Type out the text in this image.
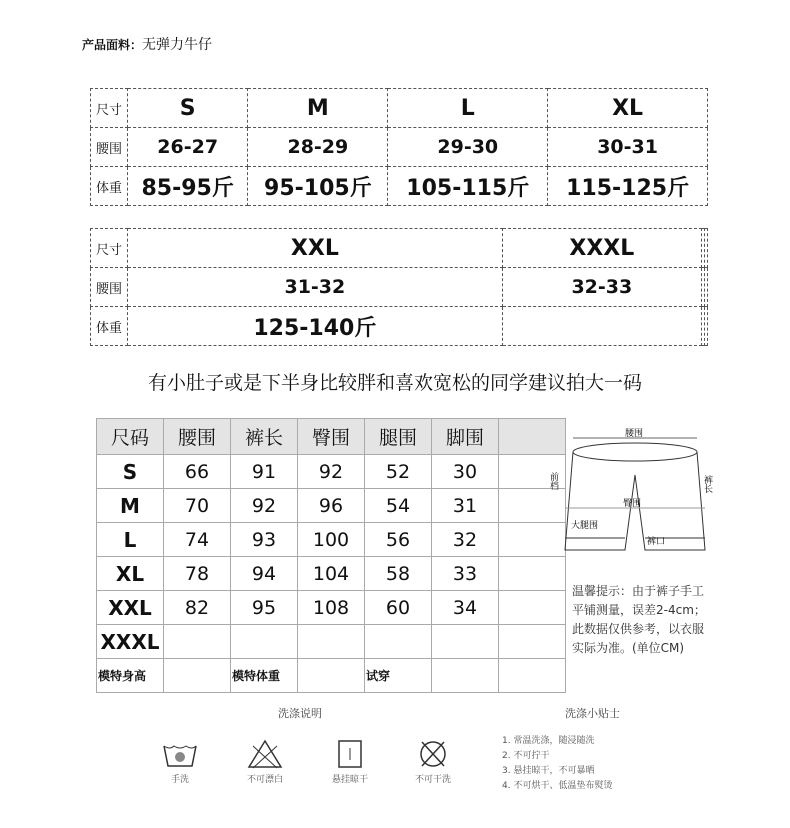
产品面料：无弹力牛仔
尺寸	S	M	L	XL
腰围	26-27	28-29	29-30	30-31
体重	85-95斤	95-105斤	105-115斤	115-125斤
尺寸	XXL	XXXL		
腰围	31-32	32-33		
体重	125-140斤			
有小肚子或是下半身比较胖和喜欢宽松的同学建议拍大一码
尺码	腰围	裤长	臀围	腿围	脚围	
S	66	91	92	52	30	
M	70	92	96	54	31	
L	74	93	100	56	32	
XL	78	94	104	58	33	
XXL	82	95	108	60	34	
XXXL						
模特身高		模特体重		试穿		
腰围
臀围
大腿围
裤口
前档	裤长
温馨提示：由于裤子手工平铺测量，误差2-4cm；此数据仅供参考，以衣服实际为准。(单位CM)
洗涤说明	洗涤小贴士
手洗	不可漂白	悬挂晾干	不可干洗
1. 常温洗涤，随浸随洗
2. 不可拧干
3. 悬挂晾干，不可暴晒
4. 不可烘干、低温垫布熨烫
